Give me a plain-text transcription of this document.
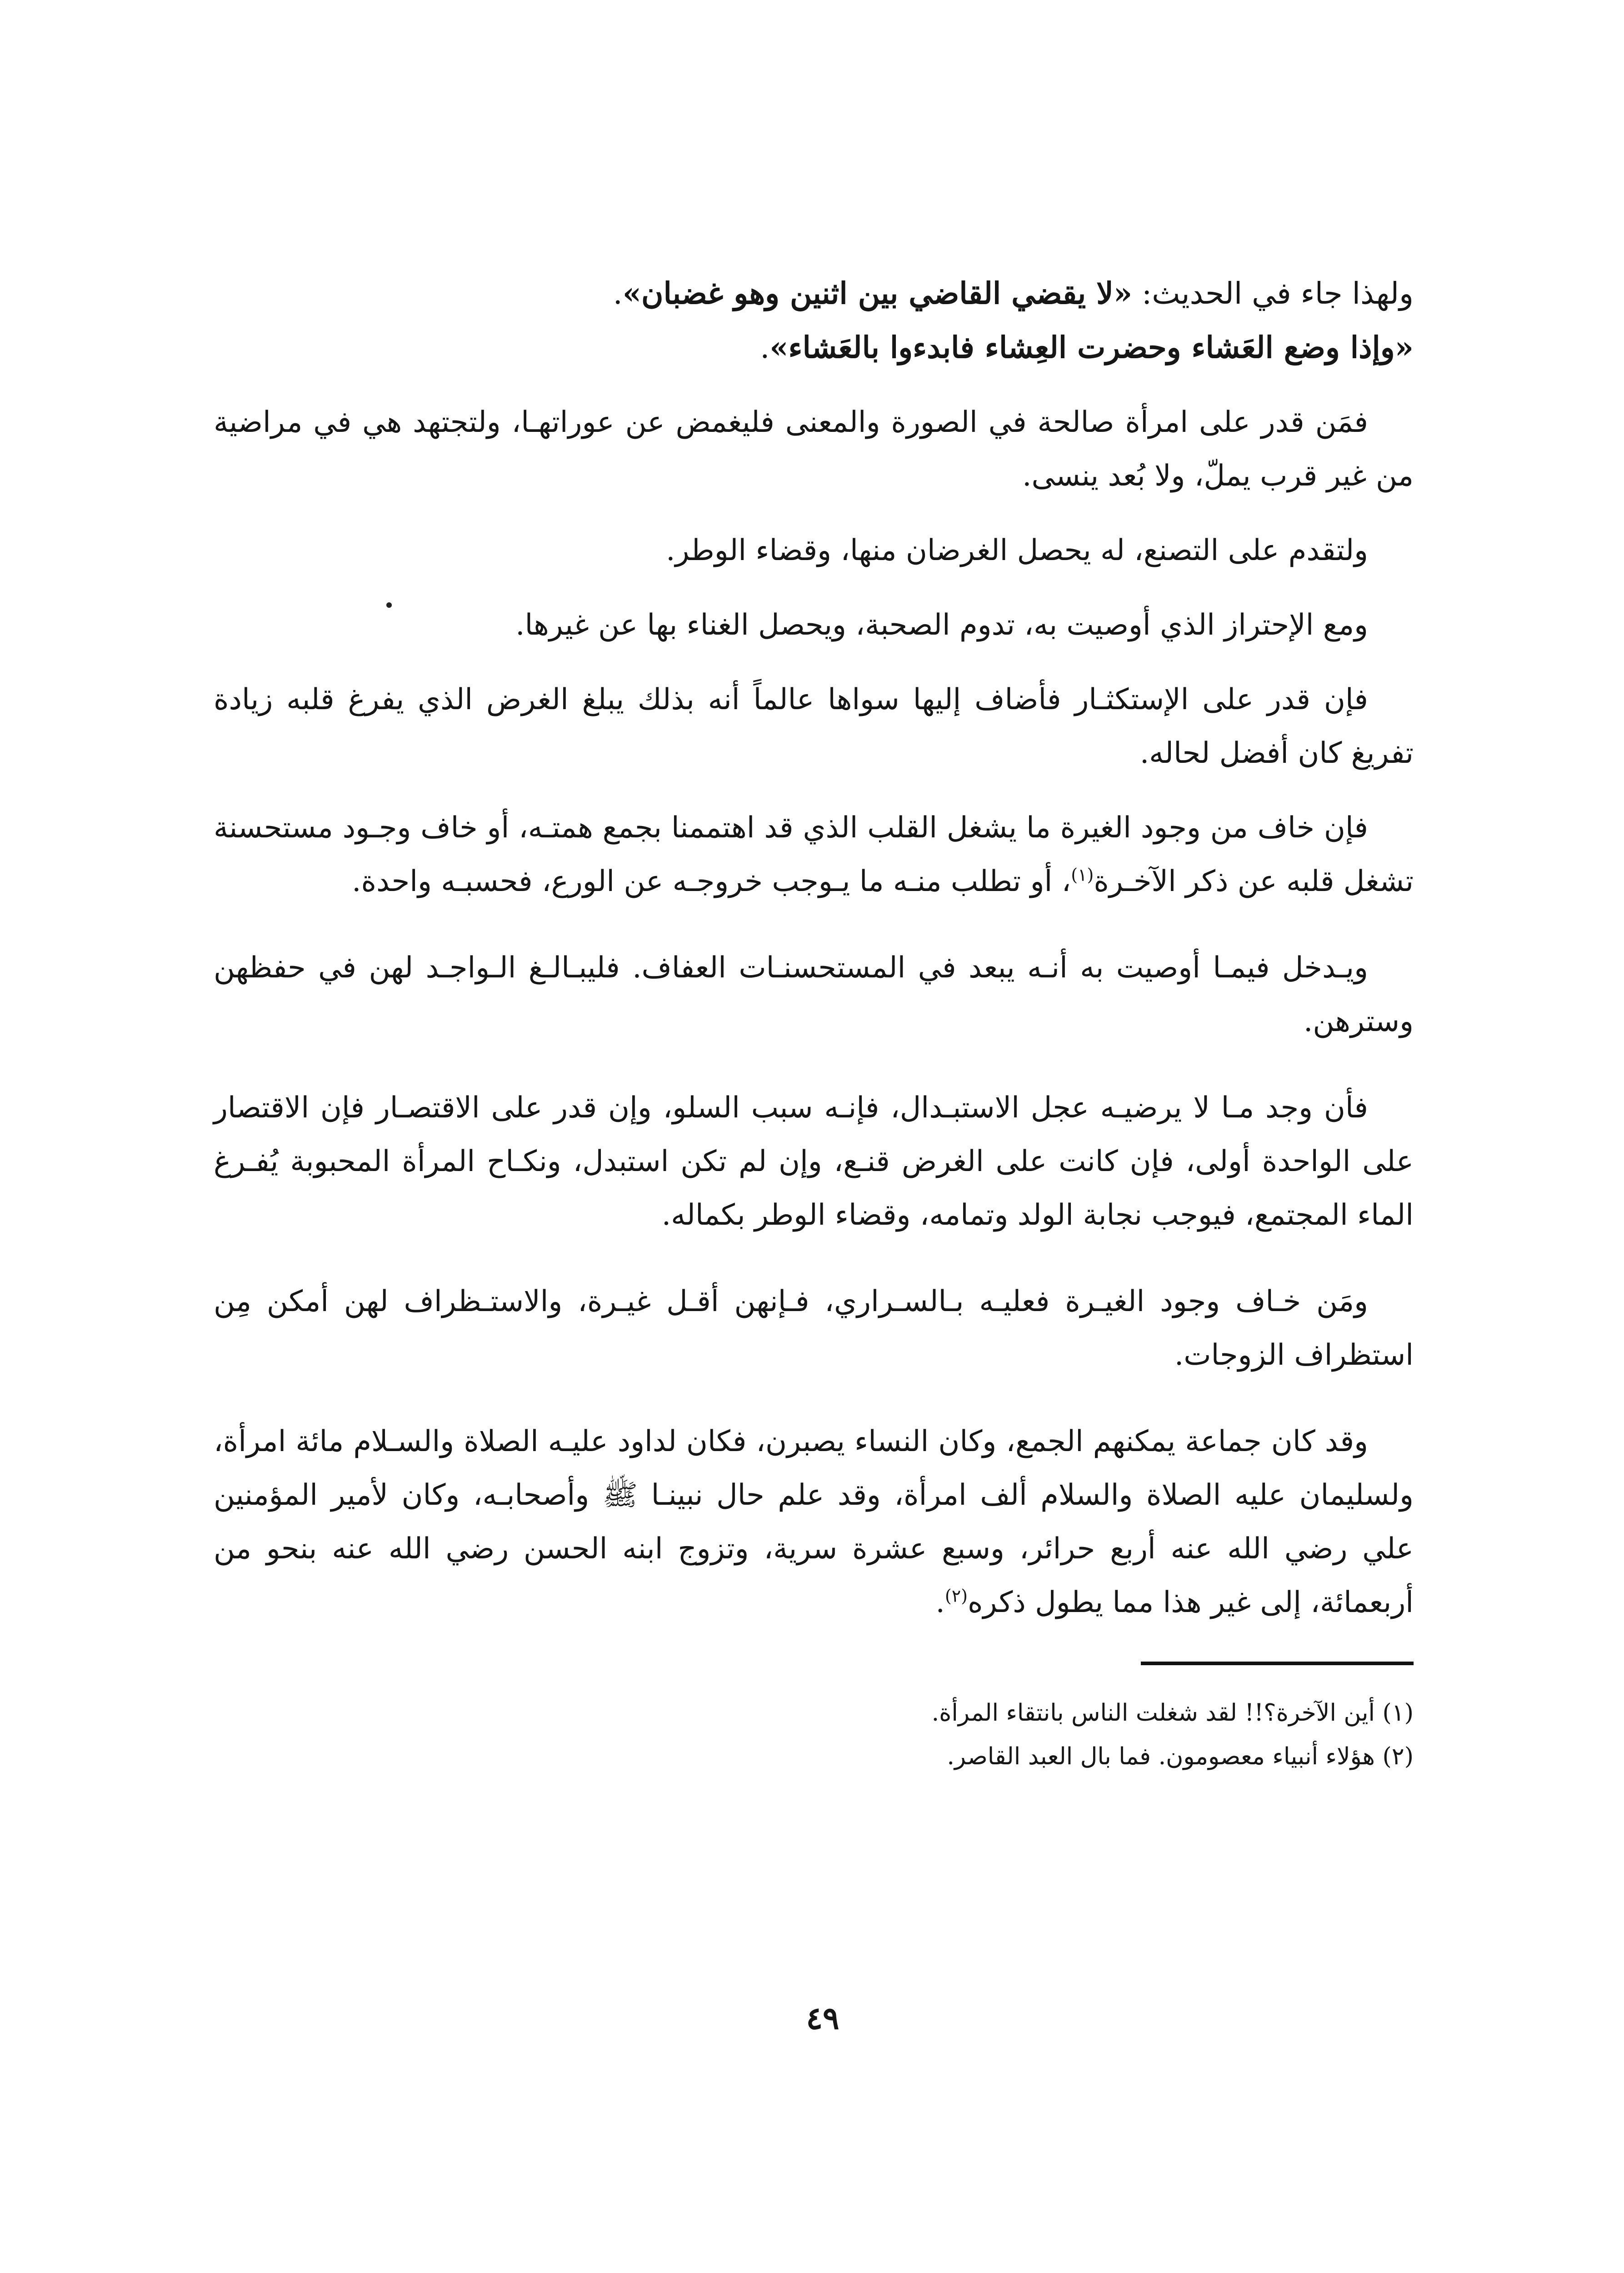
ولهذا جاء في الحديث: «لا يقضي القاضي بين اثنين وهو غضبان».

«وإذا وضع العَشاء وحضرت العِشاء فابدءوا بالعَشاء».

فمَن قدر على امرأة صالحة في الصورة والمعنى فليغمض عن عوراتهـا، ولتجتهد هي في مراضية من غير قرب يملّ، ولا بُعد ينسى.

ولتقدم على التصنع، له يحصل الغرضان منها، وقضاء الوطر.

ومع الإحتراز الذي أوصيت به، تدوم الصحبة، ويحصل الغناء بها عن غيرها.

فإن قدر على الإستكثـار فأضاف إليها سواها عالماً أنه بذلك يبلغ الغرض الذي يفرغ قلبه زيادة تفريغ كان أفضل لحاله.

فإن خاف من وجود الغيرة ما يشغل القلب الذي قد اهتممنا بجمع همتـه، أو خاف وجـود مستحسنة تشغل قلبه عن ذكر الآخـرة$^{(١)}$، أو تطلب منـه ما يـوجب خروجـه عن الورع، فحسبـه واحدة.

ويـدخل فيمـا أوصيت به أنـه يبعد في المستحسنـات العفاف. فليبـالـغ الـواجـد لهن في حفظهن وسترهن.

فأن وجد مـا لا يرضيـه عجل الاستبـدال، فإنـه سبب السلو، وإن قدر على الاقتصـار فإن الاقتصار على الواحدة أولى، فإن كانت على الغرض قنـع، وإن لم تكن استبدل، ونكـاح المرأة المحبوبة يُفـرغ الماء المجتمع، فيوجب نجابة الولد وتمامه، وقضاء الوطر بكماله.

ومَن خـاف وجود الغيـرة فعليـه بـالسـراري، فـإنهن أقـل غيـرة، والاستـظراف لهن أمكن مِن استظراف الزوجات.

وقد كان جماعة يمكنهم الجمع، وكان النساء يصبرن، فكان لداود عليـه الصلاة والسـلام مائة امرأة، ولسليمان عليه الصلاة والسلام ألف امرأة، وقد علم حال نبينـا ﷺ وأصحابـه، وكان لأمير المؤمنين علي رضي الله عنه أربع حرائر، وسبع عشرة سرية، وتزوج ابنه الحسن رضي الله عنه بنحو من أربعمائة، إلى غير هذا مما يطول ذكره$^{(٢)}$.

(١) أين الآخرة؟!! لقد شغلت الناس بانتقاء المرأة.

(٢) هؤلاء أنبياء معصومون. فما بال العبد القاصر.

٤٩
